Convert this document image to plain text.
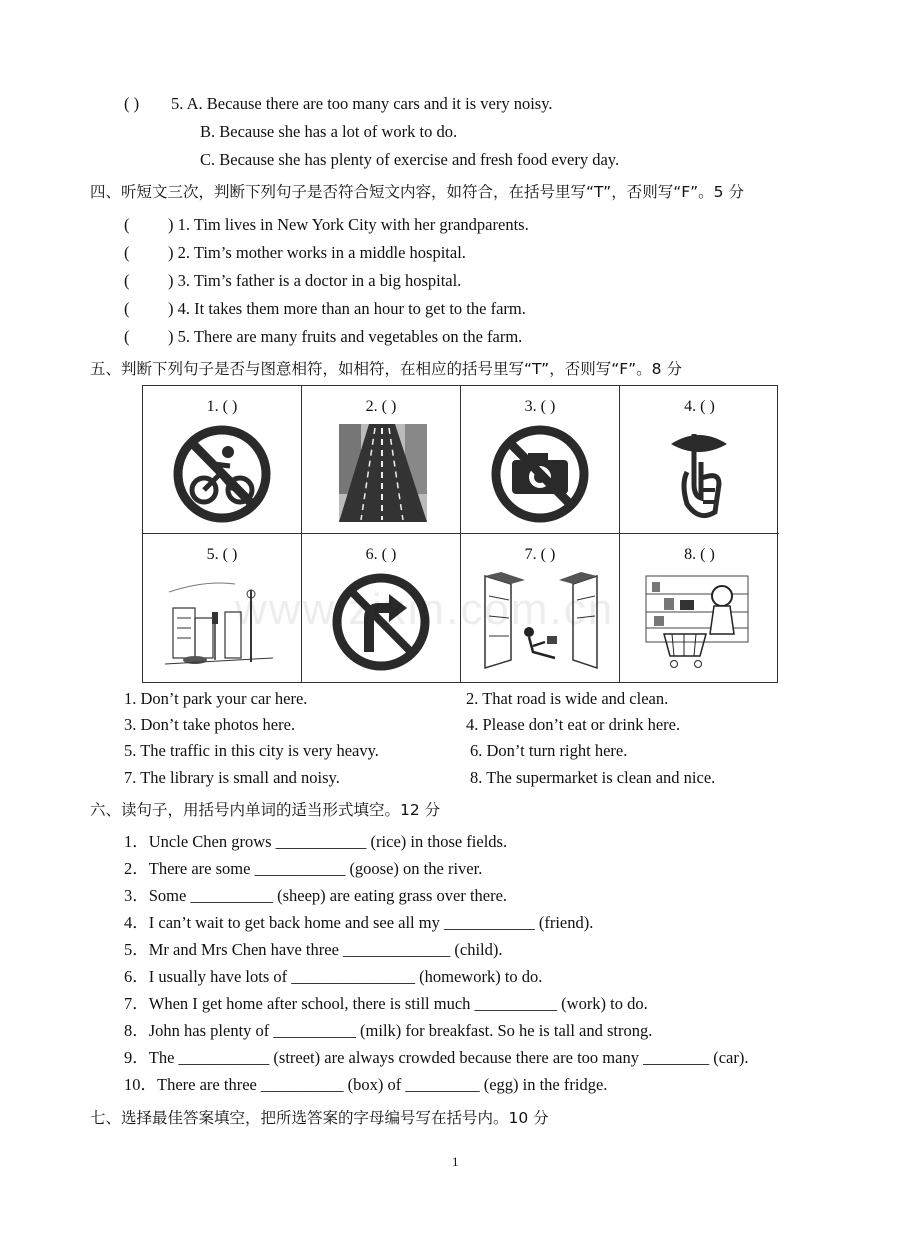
( ) 5. A. Because there are too many cars and it is very noisy.
B. Because she has a lot of work to do.
C. Because she has plenty of exercise and fresh food every day.
四、听短文三次，判断下列句子是否符合短文内容，如符合，在括号里写“T”，否则写“F”。5 分
( ) 1. Tim lives in New York City with her grandparents.
( ) 2. Tim’s mother works in a middle hospital.
( ) 3. Tim’s father is a doctor in a big hospital.
( ) 4. It takes them more than an hour to get to the farm.
( ) 5. There are many fruits and vegetables on the farm.
五、判断下列句子是否与图意相符，如相符，在相应的括号里写“T”，否则写“F”。8 分
1. ( )	2. ( )	3. ( )	4. ( )
5. ( )	6. ( )	7. ( )	8. ( )
www.zixin.com.cn
1. Don’t park your car here.	2. That road is wide and clean.
3. Don’t take photos here.	4. Please don’t eat or drink here.
5. The traffic in this city is very heavy.	6. Don’t turn right here.
7. The library is small and noisy.	8. The supermarket is clean and nice.
六、读句子，用括号内单词的适当形式填空。12 分
1．Uncle Chen grows ___________ (rice) in those fields.
2．There are some ___________ (goose) on the river.
3．Some __________ (sheep) are eating grass over there.
4．I can’t wait to get back home and see all my ___________ (friend).
5．Mr and Mrs Chen have three _____________ (child).
6．I usually have lots of _______________ (homework) to do.
7．When I get home after school, there is still much __________ (work) to do.
8．John has plenty of __________ (milk) for breakfast. So he is tall and strong.
9．The ___________ (street) are always crowded because there are too many ________ (car).
10．There are three __________ (box) of _________ (egg) in the fridge.
七、选择最佳答案填空，把所选答案的字母编号写在括号内。10 分
1
